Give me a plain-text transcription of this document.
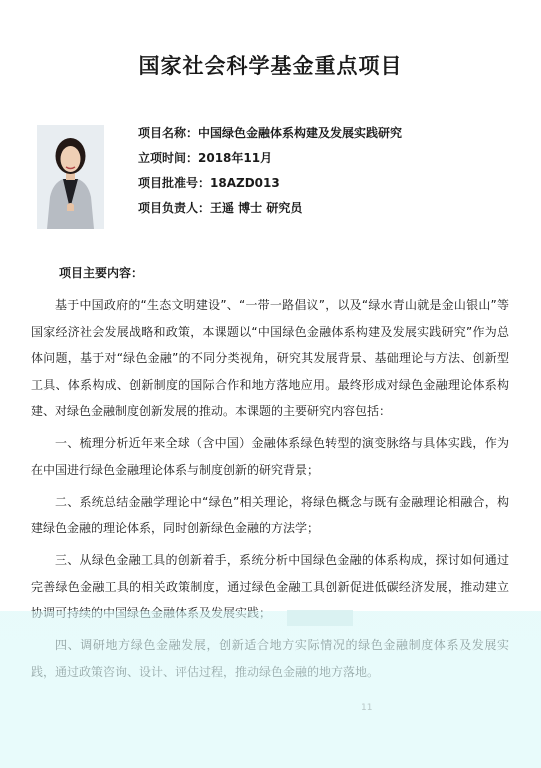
国家社会科学基金重点项目
项目名称：中国绿色金融体系构建及发展实践研究
立项时间：2018年11月
项目批准号：18AZD013
项目负责人：王遥 博士 研究员
项目主要内容：

基于中国政府的“生态文明建设”、“一带一路倡议”，以及“绿水青山就是金山银山”等国家经济社会发展战略和政策，本课题以“中国绿色金融体系构建及发展实践研究”作为总体问题，基于对“绿色金融”的不同分类视角，研究其发展背景、基础理论与方法、创新型工具、体系构成、创新制度的国际合作和地方落地应用。最终形成对绿色金融理论体系构建、对绿色金融制度创新发展的推动。本课题的主要研究内容包括：

一、梳理分析近年来全球（含中国）金融体系绿色转型的演变脉络与具体实践，作为在中国进行绿色金融理论体系与制度创新的研究背景；

二、系统总结金融学理论中“绿色”相关理论，将绿色概念与既有金融理论相融合，构建绿色金融的理论体系，同时创新绿色金融的方法学；

三、从绿色金融工具的创新着手，系统分析中国绿色金融的体系构成，探讨如何通过完善绿色金融工具的相关政策制度，通过绿色金融工具创新促进低碳经济发展，推动建立

11
